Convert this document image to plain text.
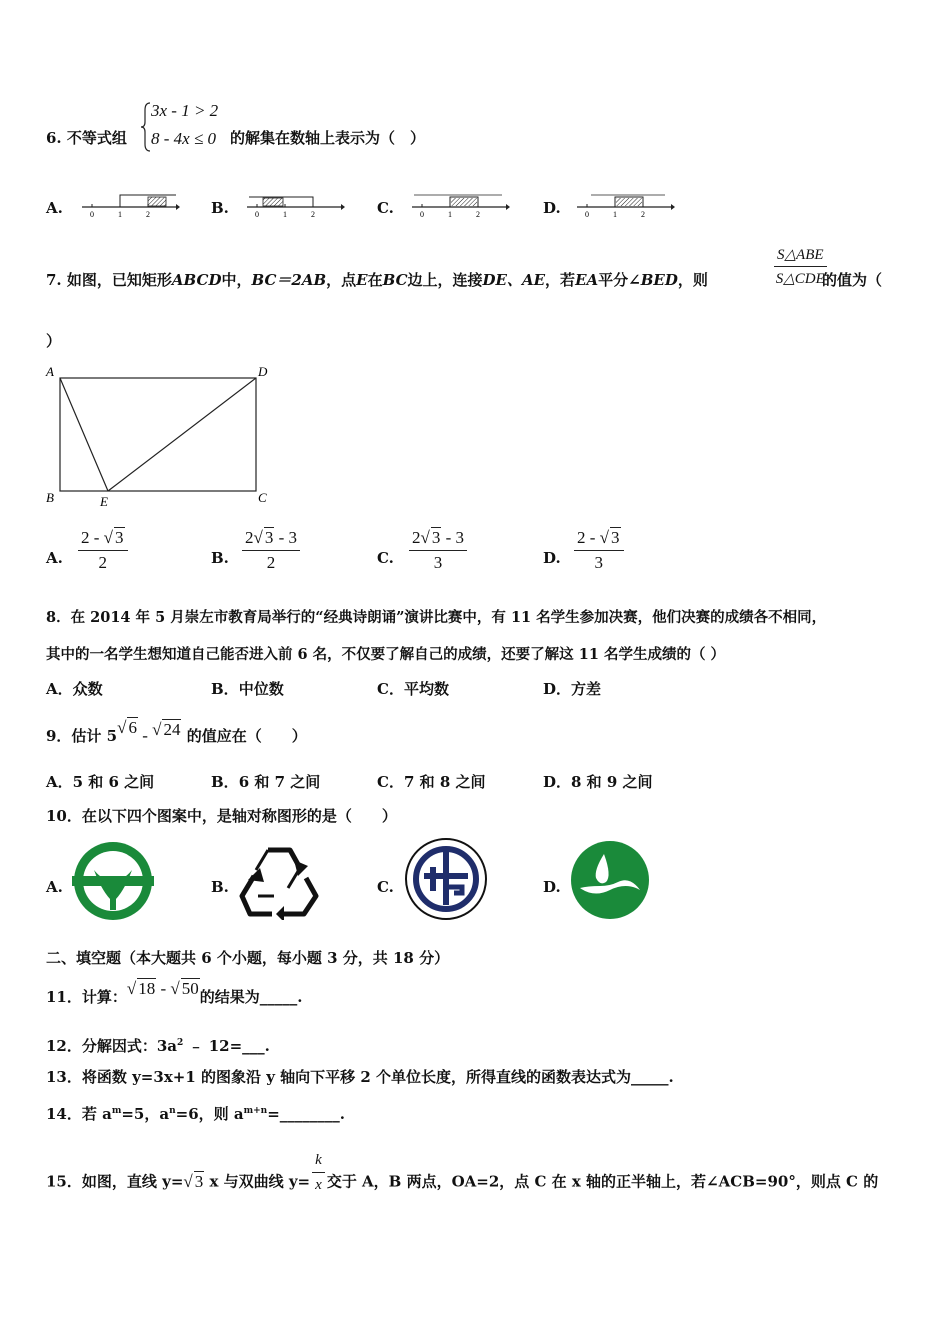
6. 不等式组
3x - 1 > 2
8 - 4x ≤ 0 的解集在数轴上表示为（　）
A.	0	1	2	B.	0	1	2	C.	0	1	2	D.	0	1	2
7. 如图，已知矩形ABCD中，BC＝2AB，点E在BC边上，连接DE、AE，若EA平分∠BED，则
S△ABE
S△CDE
的值为（
）
A	D
B	C
E
A. $\frac{2 - √ 3}{2}$	B. $\frac{2√ 3 - 3}{2}$	C. $\frac{2√ 3 - 3}{3}$	D. $\frac{2 - √ 3}{3}$
8．在 2014 年 5 月崇左市教育局举行的“经典诗朗诵”演讲比赛中，有 11 名学生参加决赛，他们决赛的成绩各不相同，
其中的一名学生想知道自己能否进入前 6 名，不仅要了解自己的成绩，还要了解这 11 名学生成绩的（ ）
A．众数	B．中位数	C．平均数	D．方差
9．估计 5√ 6 - √ 24 的值应在（　　）
A．5 和 6 之间	B．6 和 7 之间	C．7 和 8 之间	D．8 和 9 之间
10．在以下四个图案中，是轴对称图形的是（　　）
A.	B.	C.	D.
二、填空题（本大题共 6 个小题，每小题 3 分，共 18 分）
11．计算：√ 18 - √ 50的结果为_____.
12．分解因式：$3a^2$ ﹣ 12=___.
13．将函数 y=3x+1 的图象沿 y 轴向下平移 2 个单位长度，所得直线的函数表达式为_____.
14．若 $a^m=5$，$a^n=6$，则 $a^{m+n}=\_\_\_\_\_\_\_\_$.
15．如图，直线 y=√ 3 x 与双曲线 $y= \frac{k}{x}$ 交于 A，B 两点，OA=2，点 C 在 x 轴的正半轴上，若∠ACB=90°，则点 C 的
